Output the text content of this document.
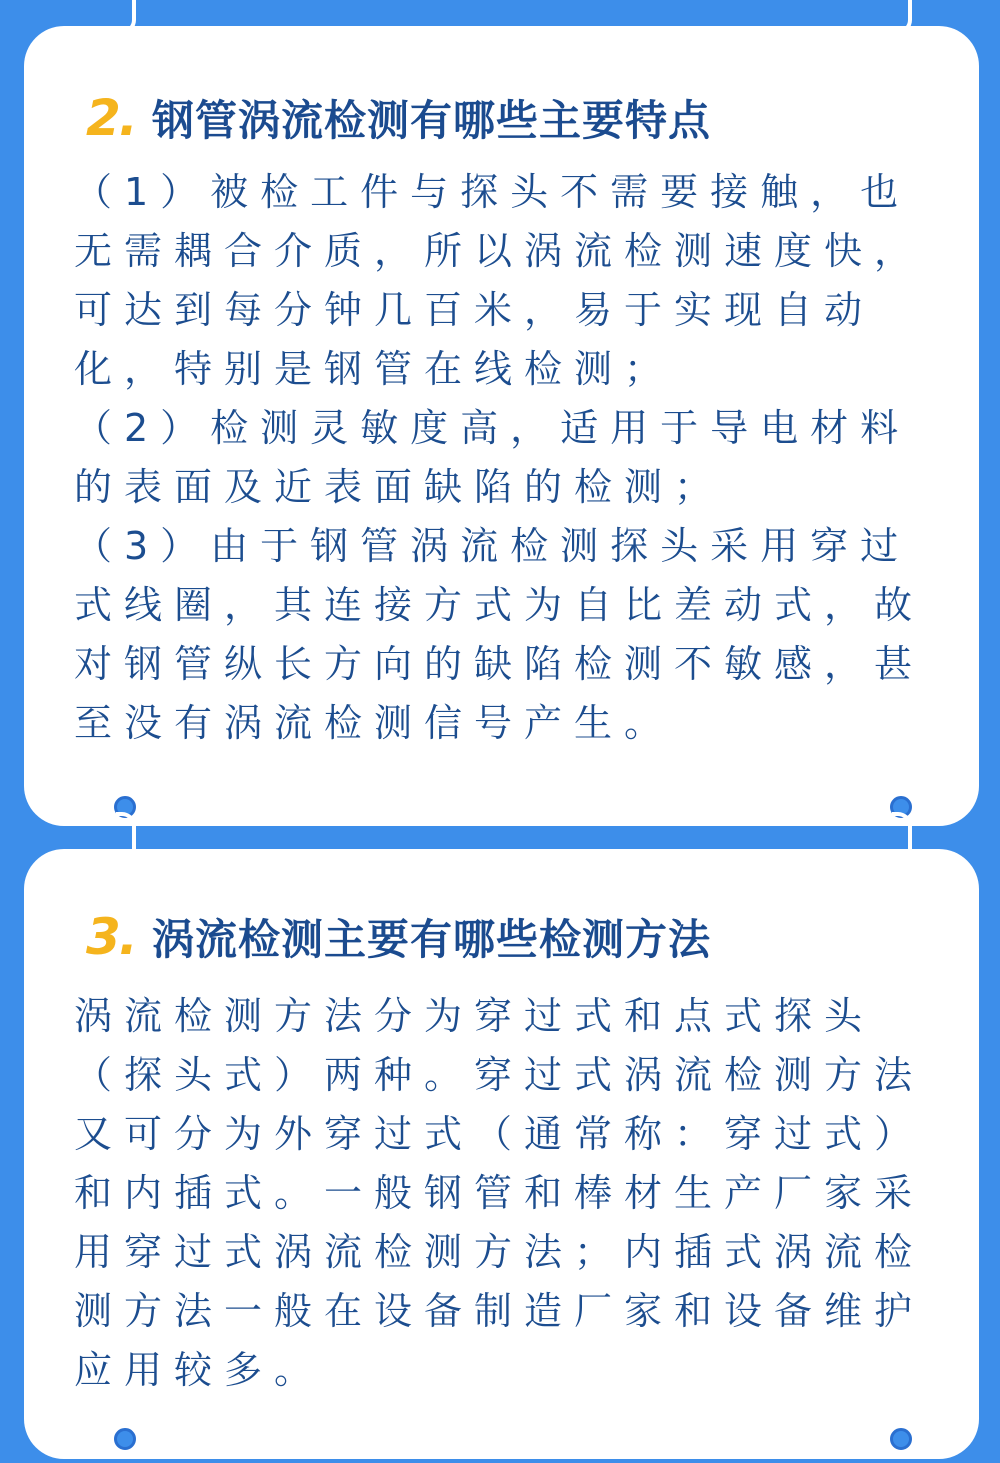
2. 钢管涡流检测有哪些主要特点

（1）被检工件与探头不需要接触，也无需耦合介质，所以涡流检测速度快，可达到每分钟几百米，易于实现自动化，特别是钢管在线检测；
（2）检测灵敏度高，适用于导电材料的表面及近表面缺陷的检测；
（3）由于钢管涡流检测探头采用穿过式线圈，其连接方式为自比差动式，故对钢管纵长方向的缺陷检测不敏感，甚至没有涡流检测信号产生。

3. 涡流检测主要有哪些检测方法

涡流检测方法分为穿过式和点式探头（探头式）两种。穿过式涡流检测方法又可分为外穿过式（通常称：穿过式）和内插式。一般钢管和棒材生产厂家采用穿过式涡流检测方法；内插式涡流检测方法一般在设备制造厂家和设备维护应用较多。
